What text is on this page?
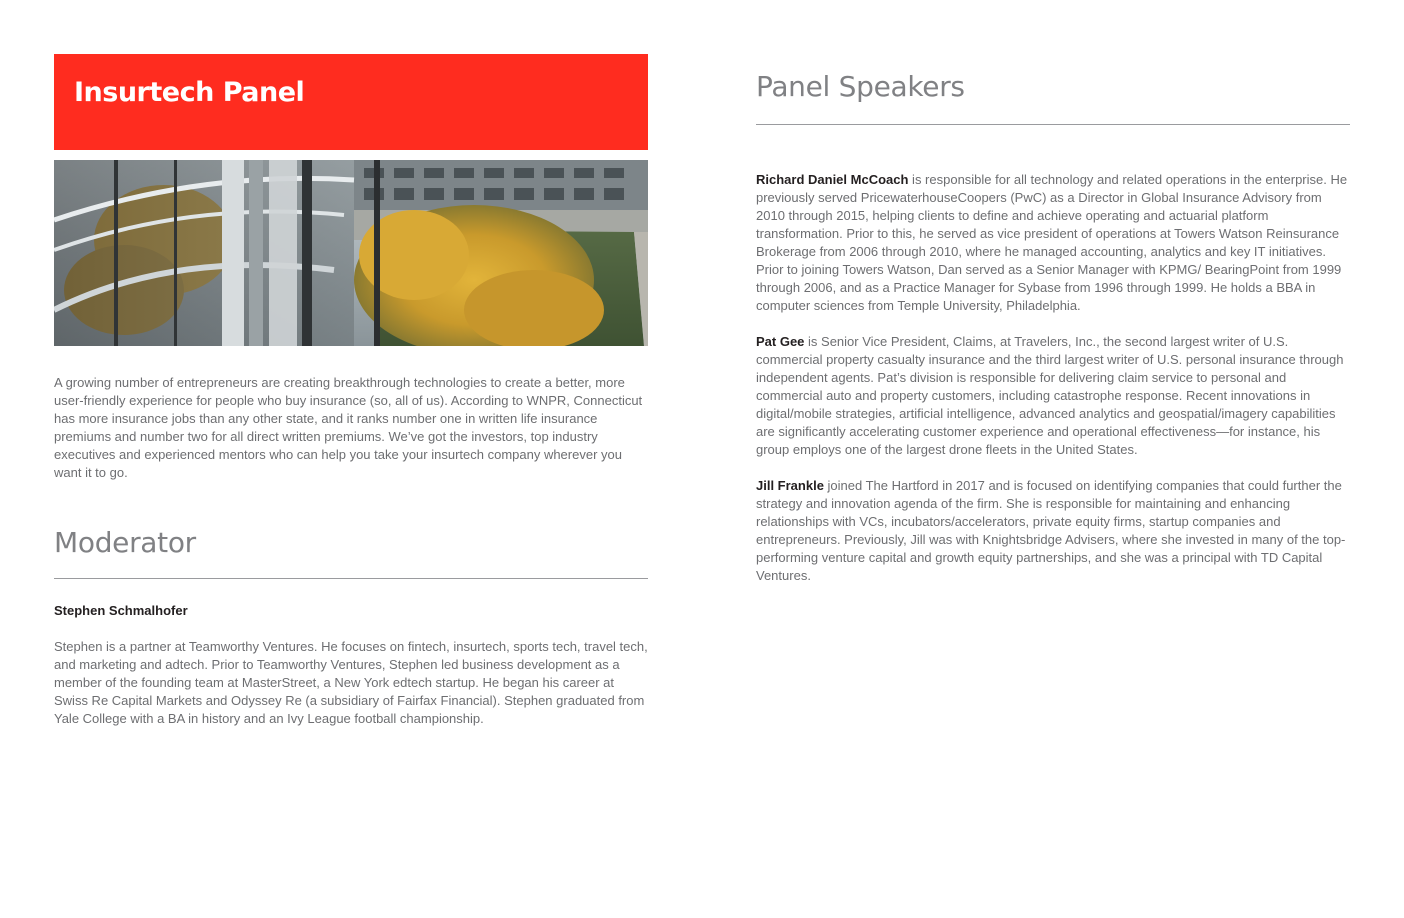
Insurtech Panel
A growing number of entrepreneurs are creating breakthrough technologies to create a better, more user-friendly experience for people who buy insurance (so, all of us). According to WNPR, Connecticut has more insurance jobs than any other state, and it ranks number one in written life insurance premiums and number two for all direct written premiums. We’ve got the investors, top industry executives and experienced mentors who can help you take your insurtech company wherever you want it to go.
Moderator
Stephen Schmalhofer
Stephen is a partner at Teamworthy Ventures. He focuses on fintech, insurtech, sports tech, travel tech, and marketing and adtech. Prior to Teamworthy Ventures, Stephen led business development as a member of the founding team at MasterStreet, a New York edtech startup. He began his career at Swiss Re Capital Markets and Odyssey Re (a subsidiary of Fairfax Financial). Stephen graduated from Yale College with a BA in history and an Ivy League football championship.
Panel Speakers

Richard Daniel McCoach is responsible for all technology and related operations in the enterprise. He previously served PricewaterhouseCoopers (PwC) as a Director in Global Insurance Advisory from 2010 through 2015, helping clients to define and achieve operating and actuarial platform transformation. Prior to this, he served as vice president of operations at Towers Watson Reinsurance Brokerage from 2006 through 2010, where he managed accounting, analytics and key IT initiatives. Prior to joining Towers Watson, Dan served as a Senior Manager with KPMG/ BearingPoint from 1999 through 2006, and as a Practice Manager for Sybase from 1996 through 1999. He holds a BBA in computer sciences from Temple University, Philadelphia.

Pat Gee is Senior Vice President, Claims, at Travelers, Inc., the second largest writer of U.S. commercial property casualty insurance and the third largest writer of U.S. personal insurance through independent agents. Pat’s division is responsible for delivering claim service to personal and commercial auto and property customers, including catastrophe response. Recent innovations in digital/mobile strategies, artificial intelligence, advanced analytics and geospatial/imagery capabilities are significantly accelerating customer experience and operational effectiveness—for instance, his group employs one of the largest drone fleets in the United States.

Jill Frankle joined The Hartford in 2017 and is focused on identifying companies that could further the strategy and innovation agenda of the firm. She is responsible for maintaining and enhancing relationships with VCs, incubators/accelerators, private equity firms, startup companies and entrepreneurs. Previously, Jill was with Knightsbridge Advisers, where she invested in many of the top-performing venture capital and growth equity partnerships, and she was a principal with TD Capital Ventures.
